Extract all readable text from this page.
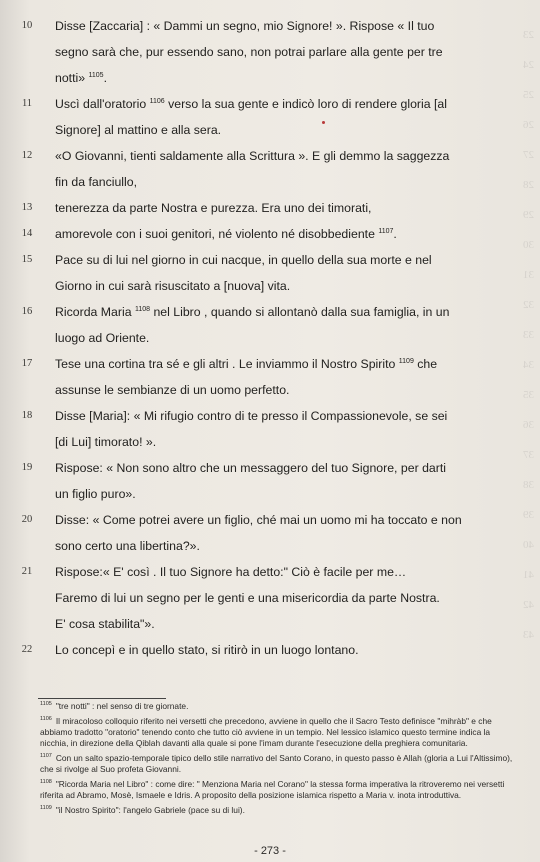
23
24
25
26
27
28
29
30
31
32
33
34
35
36
37
38
39
40
41
42
43
10	Disse [Zaccaria] : « Dammi un segno, mio Signore! ». Rispose « Il tuo
segno sarà che, pur essendo sano, non potrai parlare alla gente per tre
notti» $^{1105}$.
11	Uscì dall'oratorio $^{1106}$ verso la sua gente e indicò loro di rendere gloria [al
Signore] al mattino e alla sera.
12	«O Giovanni, tienti saldamente alla Scrittura ». E gli demmo la saggezza
fin da fanciullo,
13	tenerezza da parte Nostra e purezza. Era uno dei timorati,
14	amorevole con i suoi genitori, né violento né disobbediente $^{1107}$.
15	Pace su di lui nel giorno in cui nacque, in quello della sua morte e nel
Giorno in cui sarà risuscitato a [nuova] vita.
16	Ricorda Maria $^{1108}$ nel Libro , quando si allontanò dalla sua famiglia, in un
luogo ad Oriente.
17	Tese una cortina tra sé e gli altri . Le inviammo il Nostro Spirito $^{1109}$ che
assunse le sembianze di un uomo perfetto.
18	Disse [Maria]: « Mi rifugio contro di te presso il Compassionevole, se sei
[di Lui] timorato! ».
19	Rispose: « Non sono altro che un messaggero del tuo Signore, per darti
un figlio puro».
20	Disse: « Come potrei avere un figlio, ché mai un uomo mi ha toccato e non
sono certo una libertina?».
21	Rispose:« E' così . Il tuo Signore ha detto:" Ciò è facile per me…
Faremo di lui un segno per le genti e una misericordia da parte Nostra.
E' cosa stabilita"».
22	Lo concepì e in quello stato, si ritirò in un luogo lontano.
$^{1105}$ "tre notti" : nel senso di tre giornate.
$^{1106}$ Il miracoloso colloquio riferito nei versetti che precedono, avviene in quello che il Sacro Testo definisce "mihràb" e che abbiamo tradotto "oratorio" tenendo conto che tutto ciò avviene in un tempio. Nel lessico islamico questo termine indica la nicchia, in direzione della Qiblah davanti alla quale si pone l'imam durante l'esecuzione della preghiera comunitaria.
$^{1107}$ Con un salto spazio-temporale tipico dello stile narrativo del Santo Corano, in questo passo è Allah (gloria a Lui l'Altissimo), che si rivolge al Suo profeta Giovanni.
$^{1108}$ "Ricorda Maria nel Libro" : come dire: " Menziona Maria nel Corano" la stessa forma imperativa la ritroveremo nei versetti riferita ad Abramo, Mosè, Ismaele e Idris. A proposito della posizione islamica rispetto a Maria v. inota introduttiva.
$^{1109}$ "il Nostro Spirito": l'angelo Gabriele (pace su di lui).
- 273 -
